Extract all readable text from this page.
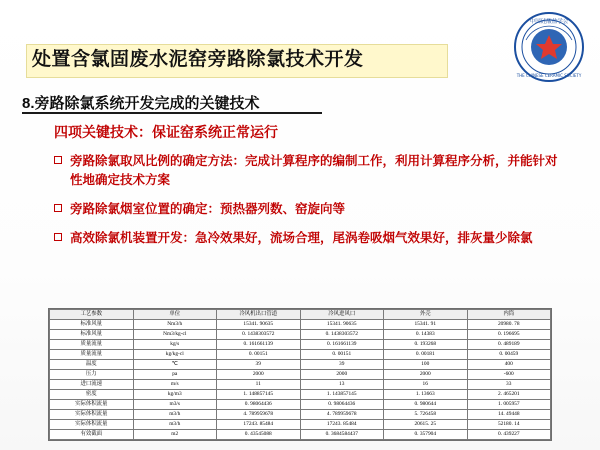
中国硅酸盐学会
THE CHINESE CERAMIC SOCIETY
处置含氯固废水泥窑旁路除氯技术开发
8.旁路除氯系统开发完成的关键技术
四项关键技术：保证窑系统正常运行
旁路除氯取风比例的确定方法：完成计算程序的编制工作，利用计算程序分析，并能针对性地确定技术方案
旁路除氯烟室位置的确定：预热器列数、窑旋向等
高效除氯机装置开发：急冷效果好，流场合理，尾涡卷吸烟气效果好，排灰量少除氯
工艺参数	单位	冷风机出口管道	冷风进风口	外壳	内筒
标准风量	Nm3/h	15341. 90635	15341. 90635	15341. 91	20980. 78
标准风量	Nm3/kg-cl	0. 1438303572	0. 1438303572	0. 14383	0. 196695
质量流量	kg/s	0. 161661139	0. 161661139	0. 193268	0. 489189
质量流量	kg/kg-cl	0. 00151	0. 00151	0. 00181	0. 00459
温度	℃	39	39	100	400
压力	pa	2000	2000	2000	-600
进口流速	m/s	11	13	16	33
密度	kg/m3	1. 148857145	1. 143857145	1. 13663	2. 465201
实际体积流量	m3/s	0. 98064436	0. 98064436	0. 980644	1. 005957
实际体积流量	m3/h	4. 789959678	4. 789959678	5. 726458	14. 49448
实际体积流量	m3/h	17243. 85484	17243. 85484	20615. 25	52180. 14
有效截面	m2	0. 43545088	0. 3684584437	0. 357904	0. 439227
